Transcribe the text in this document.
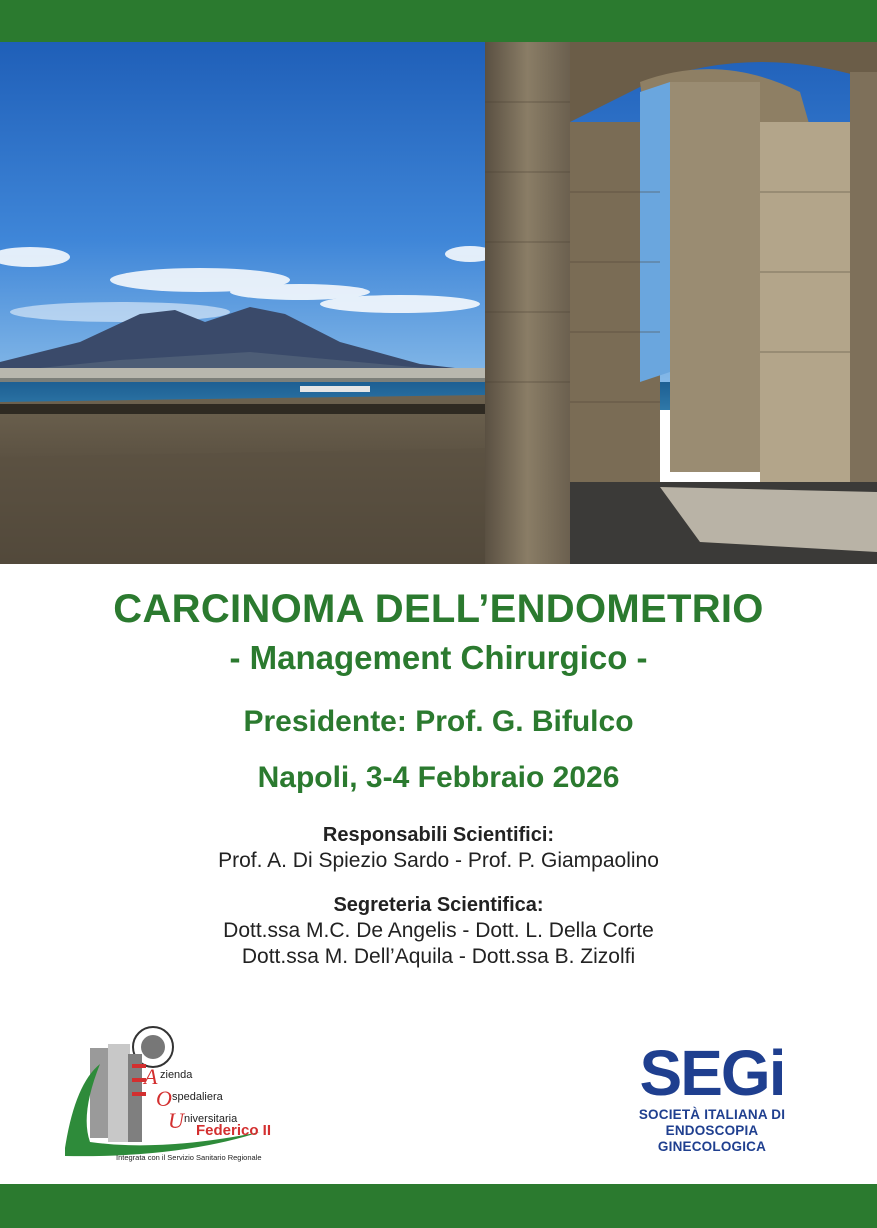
CARCINOMA DELL’ENDOMETRIO

- Management Chirurgico -

Presidente: Prof. G. Bifulco

Napoli, 3-4 Febbraio 2026

Responsabili Scientifici:
Prof. A. Di Spiezio Sardo - Prof. P. Giampaolino
Segreteria Scientifica:
Dott.ssa M.C. De Angelis - Dott. L. Della Corte
Dott.ssa M. Dell’Aquila - Dott.ssa B. Zizolfi
A
O
U
zienda
spedaliera
niversitaria
Federico II
Integrata con il Servizio Sanitario Regionale
SEGi
SOCIETÀ ITALIANA DI
ENDOSCOPIA GINECOLOGICA
